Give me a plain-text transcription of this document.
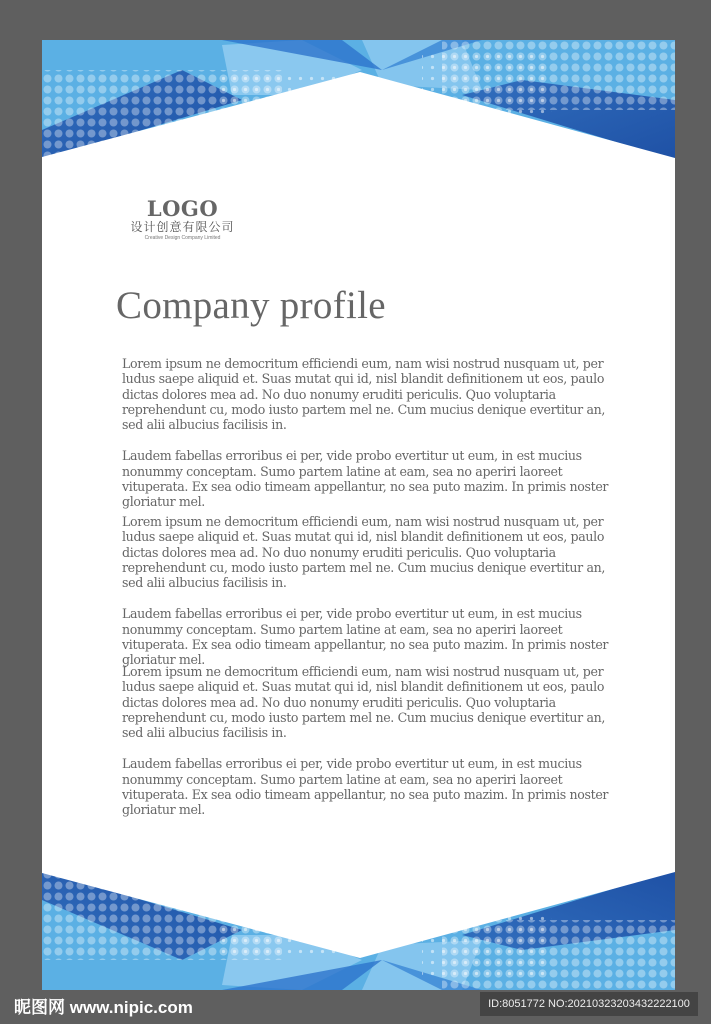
LOGO
设计创意有限公司
Creative Design Company Limited
Company profile

Lorem ipsum ne democritum efficiendi eum, nam wisi nostrud nusquam ut, per ludus saepe aliquid et. Suas mutat qui id, nisl blandit definitionem ut eos, paulo dictas dolores mea ad. No duo nonumy eruditi periculis. Quo voluptaria reprehendunt cu, modo iusto partem mel ne. Cum mucius denique evertitur an, sed alii albucius facilisis in.

Laudem fabellas erroribus ei per, vide probo evertitur ut eum, in est mucius nonummy conceptam. Sumo partem latine at eam, sea no aperiri laoreet vituperata. Ex sea odio timeam appellantur, no sea puto mazim. In primis noster gloriatur mel.

Lorem ipsum ne democritum efficiendi eum, nam wisi nostrud nusquam ut, per ludus saepe aliquid et. Suas mutat qui id, nisl blandit definitionem ut eos, paulo dictas dolores mea ad. No duo nonumy eruditi periculis. Quo voluptaria reprehendunt cu, modo iusto partem mel ne. Cum mucius denique evertitur an, sed alii albucius facilisis in.

Laudem fabellas erroribus ei per, vide probo evertitur ut eum, in est mucius nonummy conceptam. Sumo partem latine at eam, sea no aperiri laoreet vituperata. Ex sea odio timeam appellantur, no sea puto mazim. In primis noster gloriatur mel.

Lorem ipsum ne democritum efficiendi eum, nam wisi nostrud nusquam ut, per ludus saepe aliquid et. Suas mutat qui id, nisl blandit definitionem ut eos, paulo dictas dolores mea ad. No duo nonumy eruditi periculis. Quo voluptaria reprehendunt cu, modo iusto partem mel ne. Cum mucius denique evertitur an, sed alii albucius facilisis in.

Laudem fabellas erroribus ei per, vide probo evertitur ut eum, in est mucius nonummy conceptam. Sumo partem latine at eam, sea no aperiri laoreet vituperata. Ex sea odio timeam appellantur, no sea puto mazim. In primis noster gloriatur mel.

昵图网 www.nipic.com	ID:8051772 NO:20210323203432222100
